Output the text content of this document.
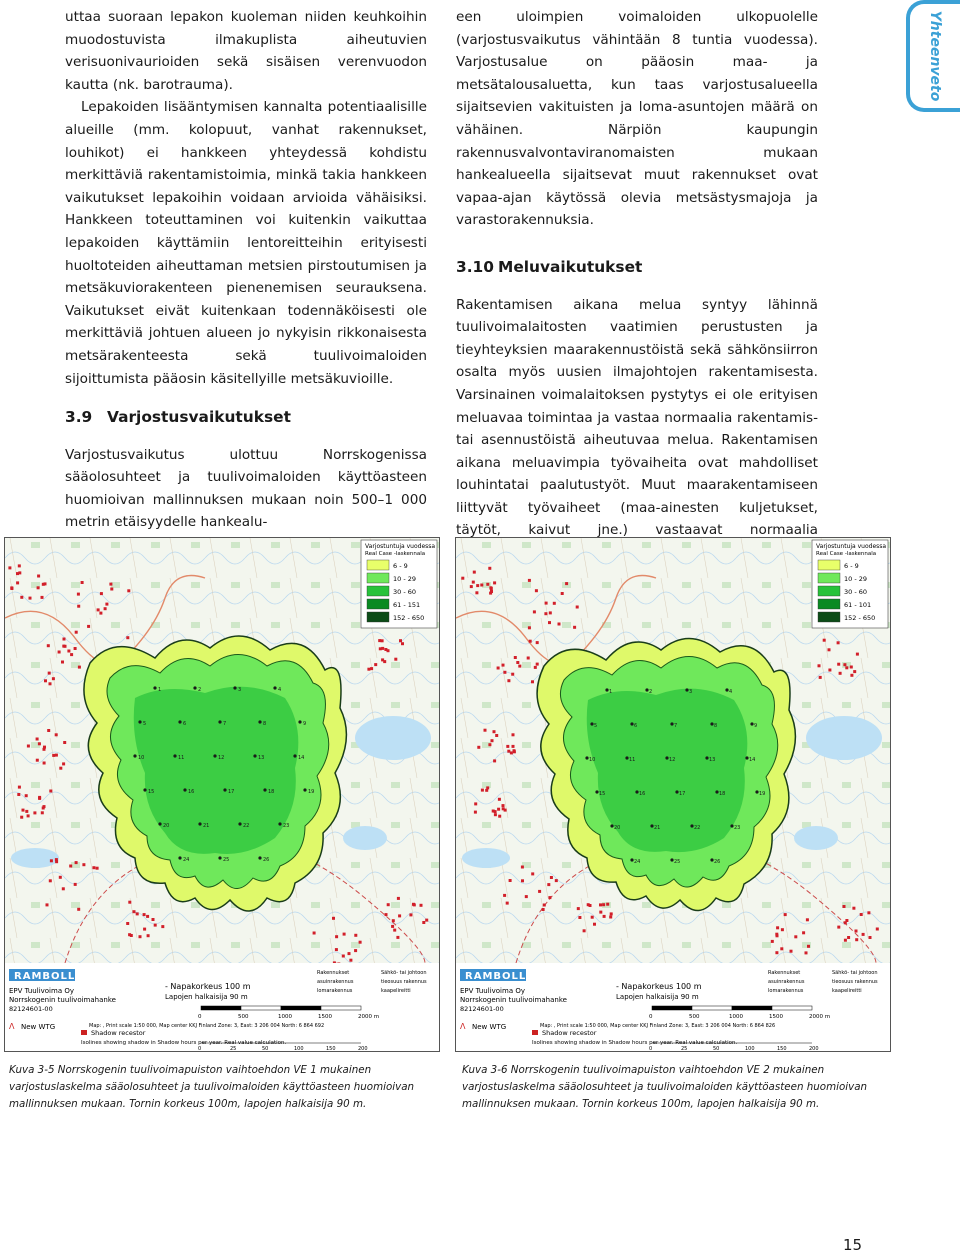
Yhteenveto

uttaa suoraan lepakon kuoleman niiden keuhkoihin muodostuvista ilmakuplista aiheutuvien verisuonivaurioiden sekä sisäisen verenvuodon kautta (nk. barotrauma).

Lepakoiden lisääntymisen kannalta potentiaalisille alueille (mm. kolopuut, vanhat rakennukset, louhikot) ei hankkeen yhteydessä kohdistu merkittäviä rakentamistoimia, minkä takia hankkeen vaikutukset lepakoihin voidaan arvioida vähäisiksi. Hankkeen toteuttaminen voi kuitenkin vaikuttaa lepakoiden käyttämiin lentoreitteihin erityisesti huoltoteiden aiheuttaman metsien pirstoutumisen ja metsäkuviorakenteen pienenemisen seurauksena. Vaikutukset eivät kuitenkaan todennäköisesti ole merkittäviä johtuen alueen jo nykyisin rikkonaisesta metsärakenteesta sekä tuulivoimaloiden sijoittumista pääosin käsitellyille metsäkuvioille.

3.9 Varjostusvaikutukset

Varjostusvaikutus ulottuu Norrskogenissa sääolosuhteet ja tuulivoimaloiden käyttöasteen huomioivan mallinnuksen mukaan noin 500–1 000 metrin etäisyydelle hankealu-

een uloimpien voimaloiden ulkopuolelle (varjostusvaikutus vähintään 8 tuntia vuodessa). Varjostusalue on pääosin maa- ja metsätalousaluetta, kun taas varjostusalueella sijaitsevien vakituisten ja loma-asuntojen määrä on vähäinen. Närpiön kaupungin rakennusvalvontaviranomaisten mukaan hankealueella sijaitsevat muut rakennukset ovat vapaa-ajan käytössä olevia metsästysmajoja ja varastorakennuksia.

3.10 Meluvaikutukset

Rakentamisen aikana melua syntyy lähinnä tuulivoimalaitosten vaatimien perustusten ja tieyhteyksien maarakennustöistä sekä sähkönsiirron osalta myös uusien ilmajohtojen rakentamisesta. Varsinainen voimalaitoksen pystytys ei ole erityisen meluavaa toimintaa ja vastaa normaalia rakentamis- tai asennustöistä aiheutuvaa melua. Rakentamisen aikana meluavimpia työvaiheita ovat mahdolliset louhintatai paalutustyöt. Muut maarakentamiseen liittyvät työvaiheet (maa-ainesten kuljetukset, täytöt, kaivut jne.) vastaavat normaalia

1	2	3	4
5	6	7	8	9
10	11	12	13	14
15	16	17	18	19
20	21	22	23
24	25	26
Varjostuntuja vuodessa
Real Case -laskennala
6 - 9
10 - 29
30 - 60
61 - 151
152 - 650
RAMBOLL
EPV Tuulivoima Oy
Norrskogenin tuulivoimahanke
82124601-00
- Napakorkeus 100 m
Lapojen halkaisija 90 m
0	500	1000	1500	2000 m
0	25	50	100	150	200
New WTG
Ʌ	Map: , Print scale 1:50 000, Map center KKJ Finland Zone: 3, East: 3 206 004 North: 6 864 692
Shadow recestor
Isolines showing shadow in Shadow hours per year. Real value calculation.
Rakennukset
asuinrakennus
lomarakennus
Sähkö- tai johtoon
tieosuus rakennus
kaapelireitti
1	2	3	4
5	6	7	8	9
10	11	12	13	14
15	16	17	18	19
20	21	22	23
24	25	26
Varjostuntuja vuodessa
Real Case -laskennala
6 - 9
10 - 29
30 - 60
61 - 101
152 - 650
RAMBOLL
EPV Tuulivoima Oy
Norrskogenin tuulivoimahanke
82124601-00
- Napakorkeus 100 m
Lapojen halkaisija 90 m
0	500	1000	1500	2000 m
0	25	50	100	150	200
New WTG
Ʌ	Map: , Print scale 1:50 000, Map center KKJ Finland Zone: 3, East: 3 206 004 North: 6 864 826
Shadow recestor
Isolines showing shadow in Shadow hours per year. Real value calculation.
Rakennukset
asuinrakennus
lomarakennus
Sähkö- tai johtoon
tieosuus rakennus
kaapelireitti
Kuva 3-5 Norrskogenin tuulivoimapuiston vaihtoehdon VE 1 mukainen varjostuslaskelma sääolosuhteet ja tuulivoimaloiden käyttöasteen huomioivan mallinnuksen mukaan. Tornin korkeus 100m, lapojen halkaisija 90 m.
Kuva 3-6 Norrskogenin tuulivoimapuiston vaihtoehdon VE 2 mukainen varjostuslaskelma sääolosuhteet ja tuulivoimaloiden käyttöasteen huomioivan mallinnuksen mukaan. Tornin korkeus 100m, lapojen halkaisija 90 m.
15
